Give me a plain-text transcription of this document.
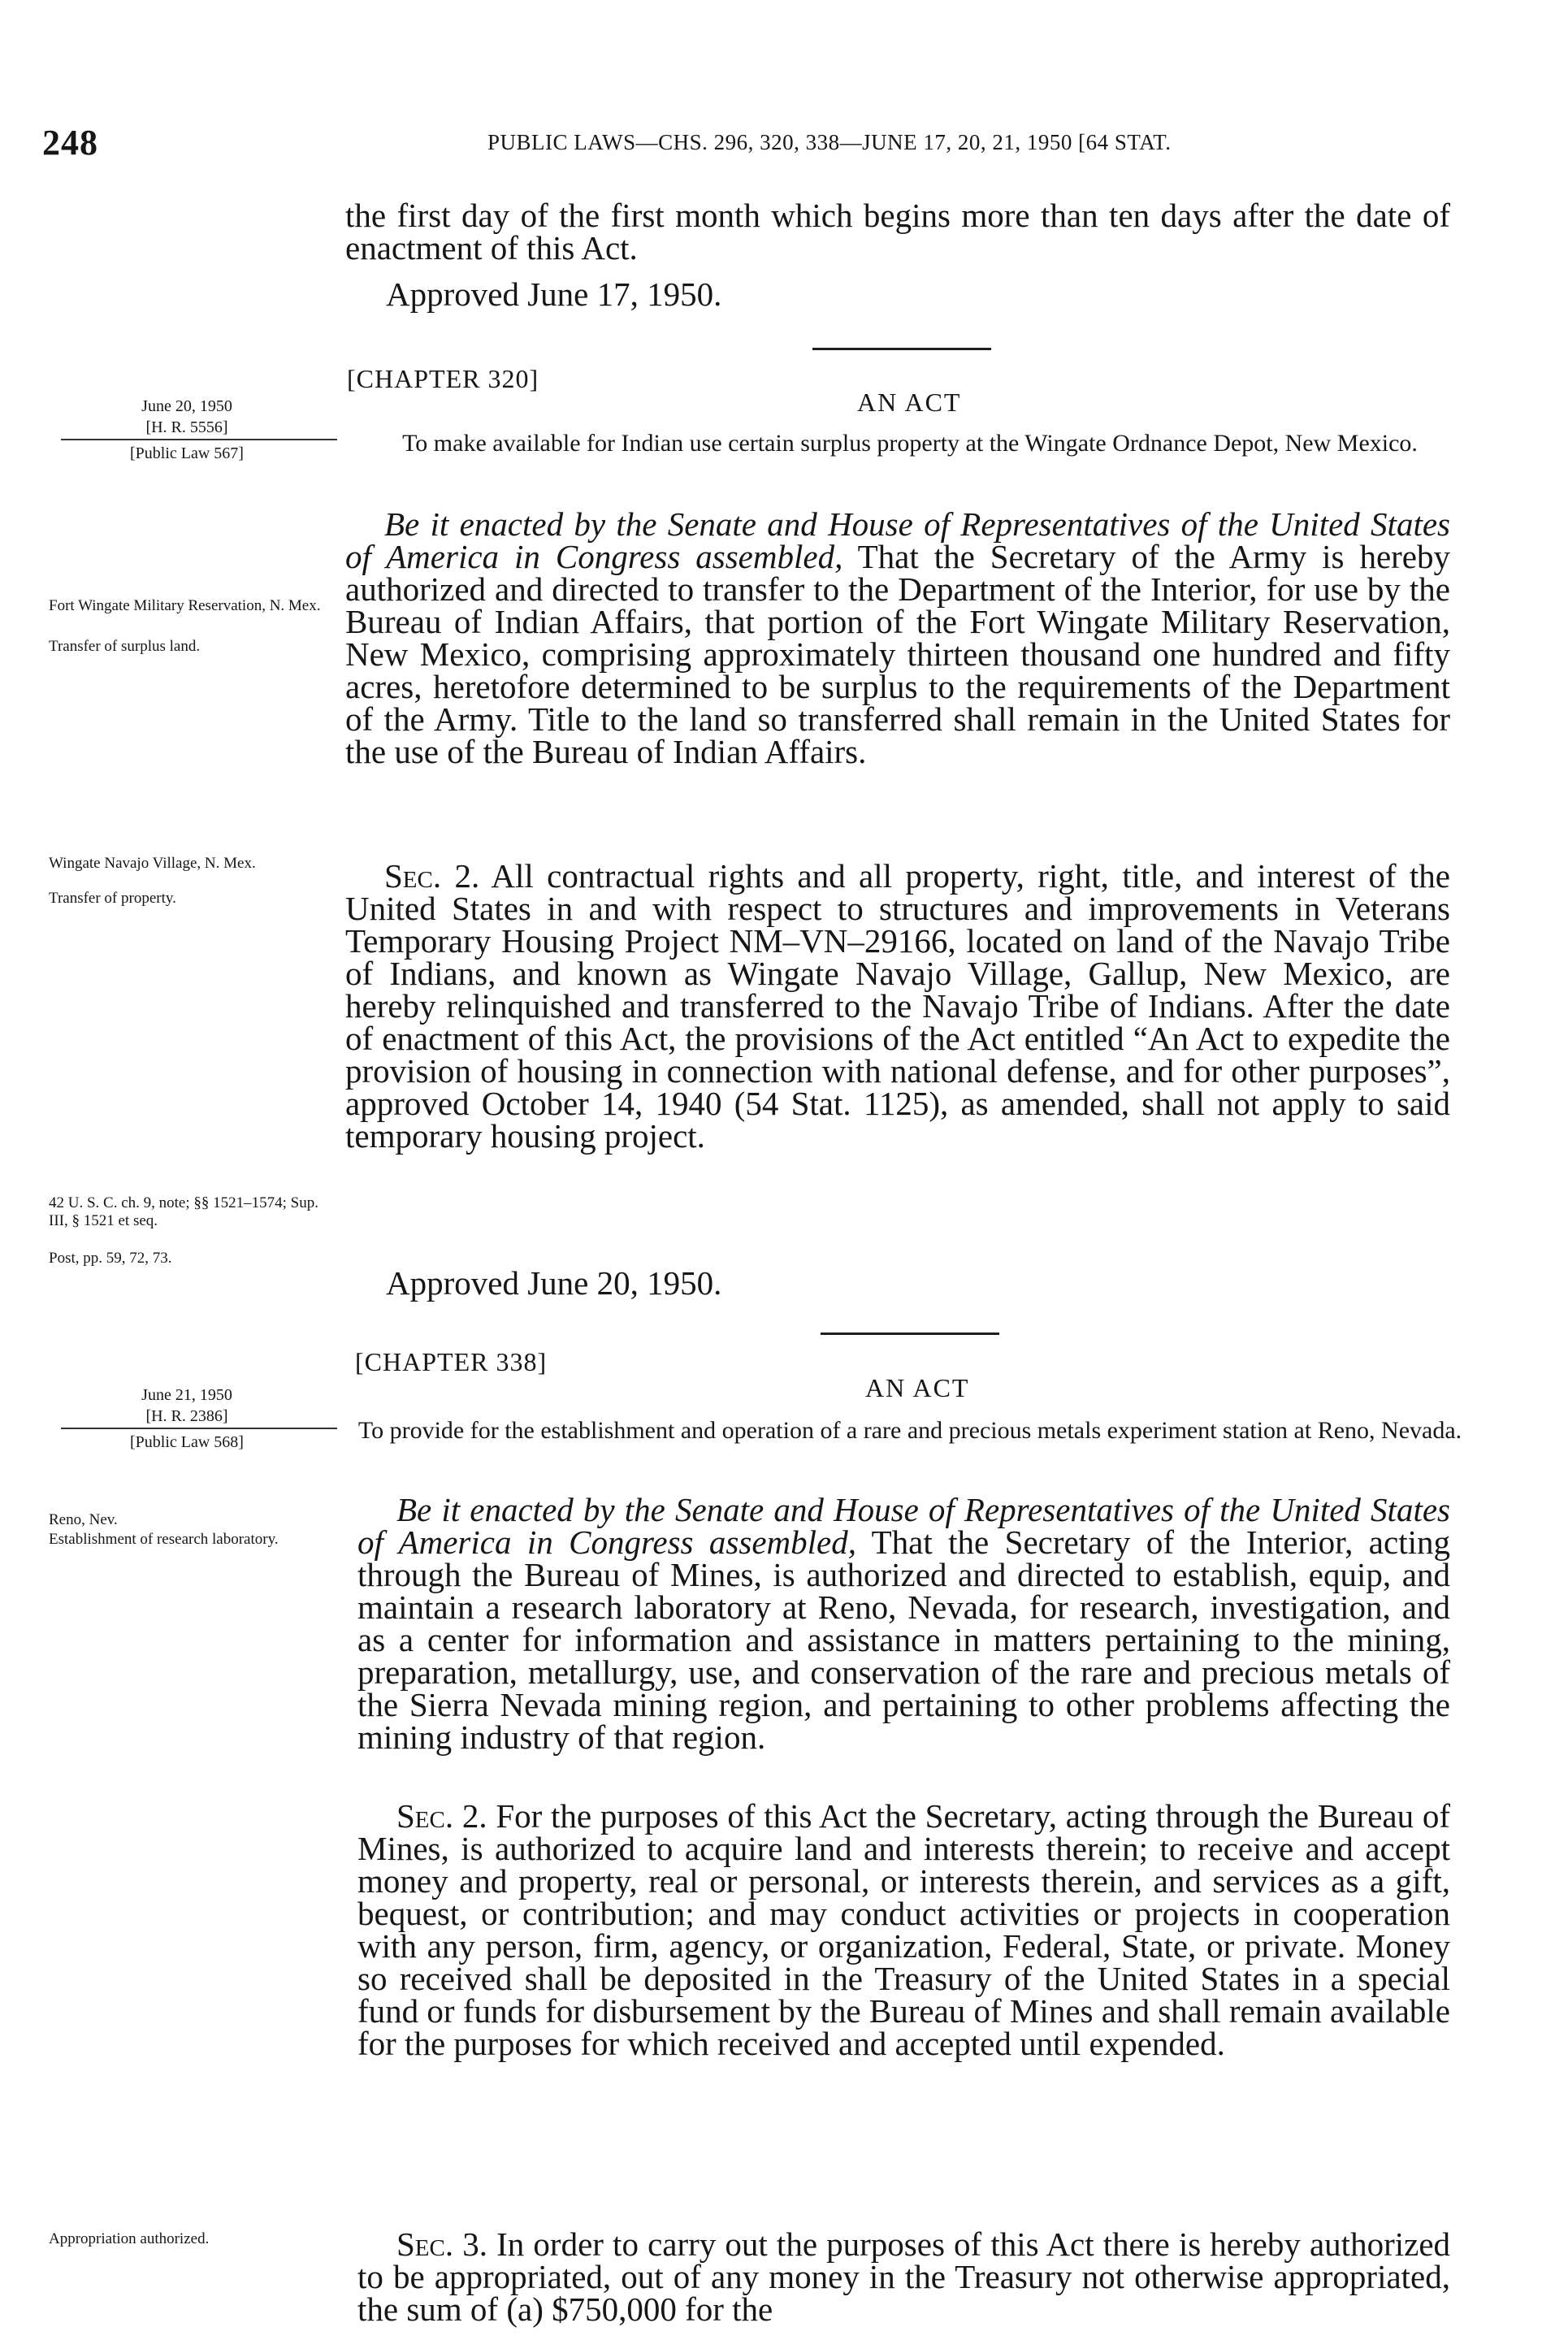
248	PUBLIC LAWS—CHS. 296, 320, 338—JUNE 17, 20, 21, 1950 [64 STAT.

the first day of the first month which begins more than ten days after the date of enactment of this Act.

Approved June 17, 1950.

[CHAPTER 320]
AN ACT

To make available for Indian use certain surplus property at the Wingate Ordnance Depot, New Mexico.

June 20, 1950
[H. R. 5556]
[Public Law 567]
Fort Wingate Military Reservation, N. Mex.
Transfer of surplus land.
Wingate Navajo Village, N. Mex.
Transfer of property.
42 U. S. C. ch. 9, note; §§ 1521–1574; Sup. III, § 1521 et seq.
Post, pp. 59, 72, 73.
Be it enacted by the Senate and House of Representatives of the United States of America in Congress assembled, That the Secretary of the Army is hereby authorized and directed to transfer to the Department of the Interior, for use by the Bureau of Indian Affairs, that portion of the Fort Wingate Military Reservation, New Mexico, comprising approximately thirteen thousand one hundred and fifty acres, heretofore determined to be surplus to the requirements of the Department of the Army. Title to the land so transferred shall remain in the United States for the use of the Bureau of Indian Affairs.
Sec. 2. All contractual rights and all property, right, title, and interest of the United States in and with respect to structures and improvements in Veterans Temporary Housing Project NM–VN–29166, located on land of the Navajo Tribe of Indians, and known as Wingate Navajo Village, Gallup, New Mexico, are hereby relinquished and transferred to the Navajo Tribe of Indians. After the date of enactment of this Act, the provisions of the Act entitled “An Act to expedite the provision of housing in connection with national defense, and for other purposes”, approved October 14, 1940 (54 Stat. 1125), as amended, shall not apply to said temporary housing project.

Approved June 20, 1950.

[CHAPTER 338]
AN ACT

To provide for the establishment and operation of a rare and precious metals experiment station at Reno, Nevada.

June 21, 1950
[H. R. 2386]
[Public Law 568]
Reno, Nev.
Establishment of research laboratory.
Appropriation authorized.
Be it enacted by the Senate and House of Representatives of the United States of America in Congress assembled, That the Secretary of the Interior, acting through the Bureau of Mines, is authorized and directed to establish, equip, and maintain a research laboratory at Reno, Nevada, for research, investigation, and as a center for information and assistance in matters pertaining to the mining, preparation, metallurgy, use, and conservation of the rare and precious metals of the Sierra Nevada mining region, and pertaining to other problems affecting the mining industry of that region.
Sec. 2. For the purposes of this Act the Secretary, acting through the Bureau of Mines, is authorized to acquire land and interests therein; to receive and accept money and property, real or personal, or interests therein, and services as a gift, bequest, or contribution; and may conduct activities or projects in cooperation with any person, firm, agency, or organization, Federal, State, or private. Money so received shall be deposited in the Treasury of the United States in a special fund or funds for disbursement by the Bureau of Mines and shall remain available for the purposes for which received and accepted until expended.
Sec. 3. In order to carry out the purposes of this Act there is hereby authorized to be appropriated, out of any money in the Treasury not otherwise appropriated, the sum of (a) $750,000 for the
